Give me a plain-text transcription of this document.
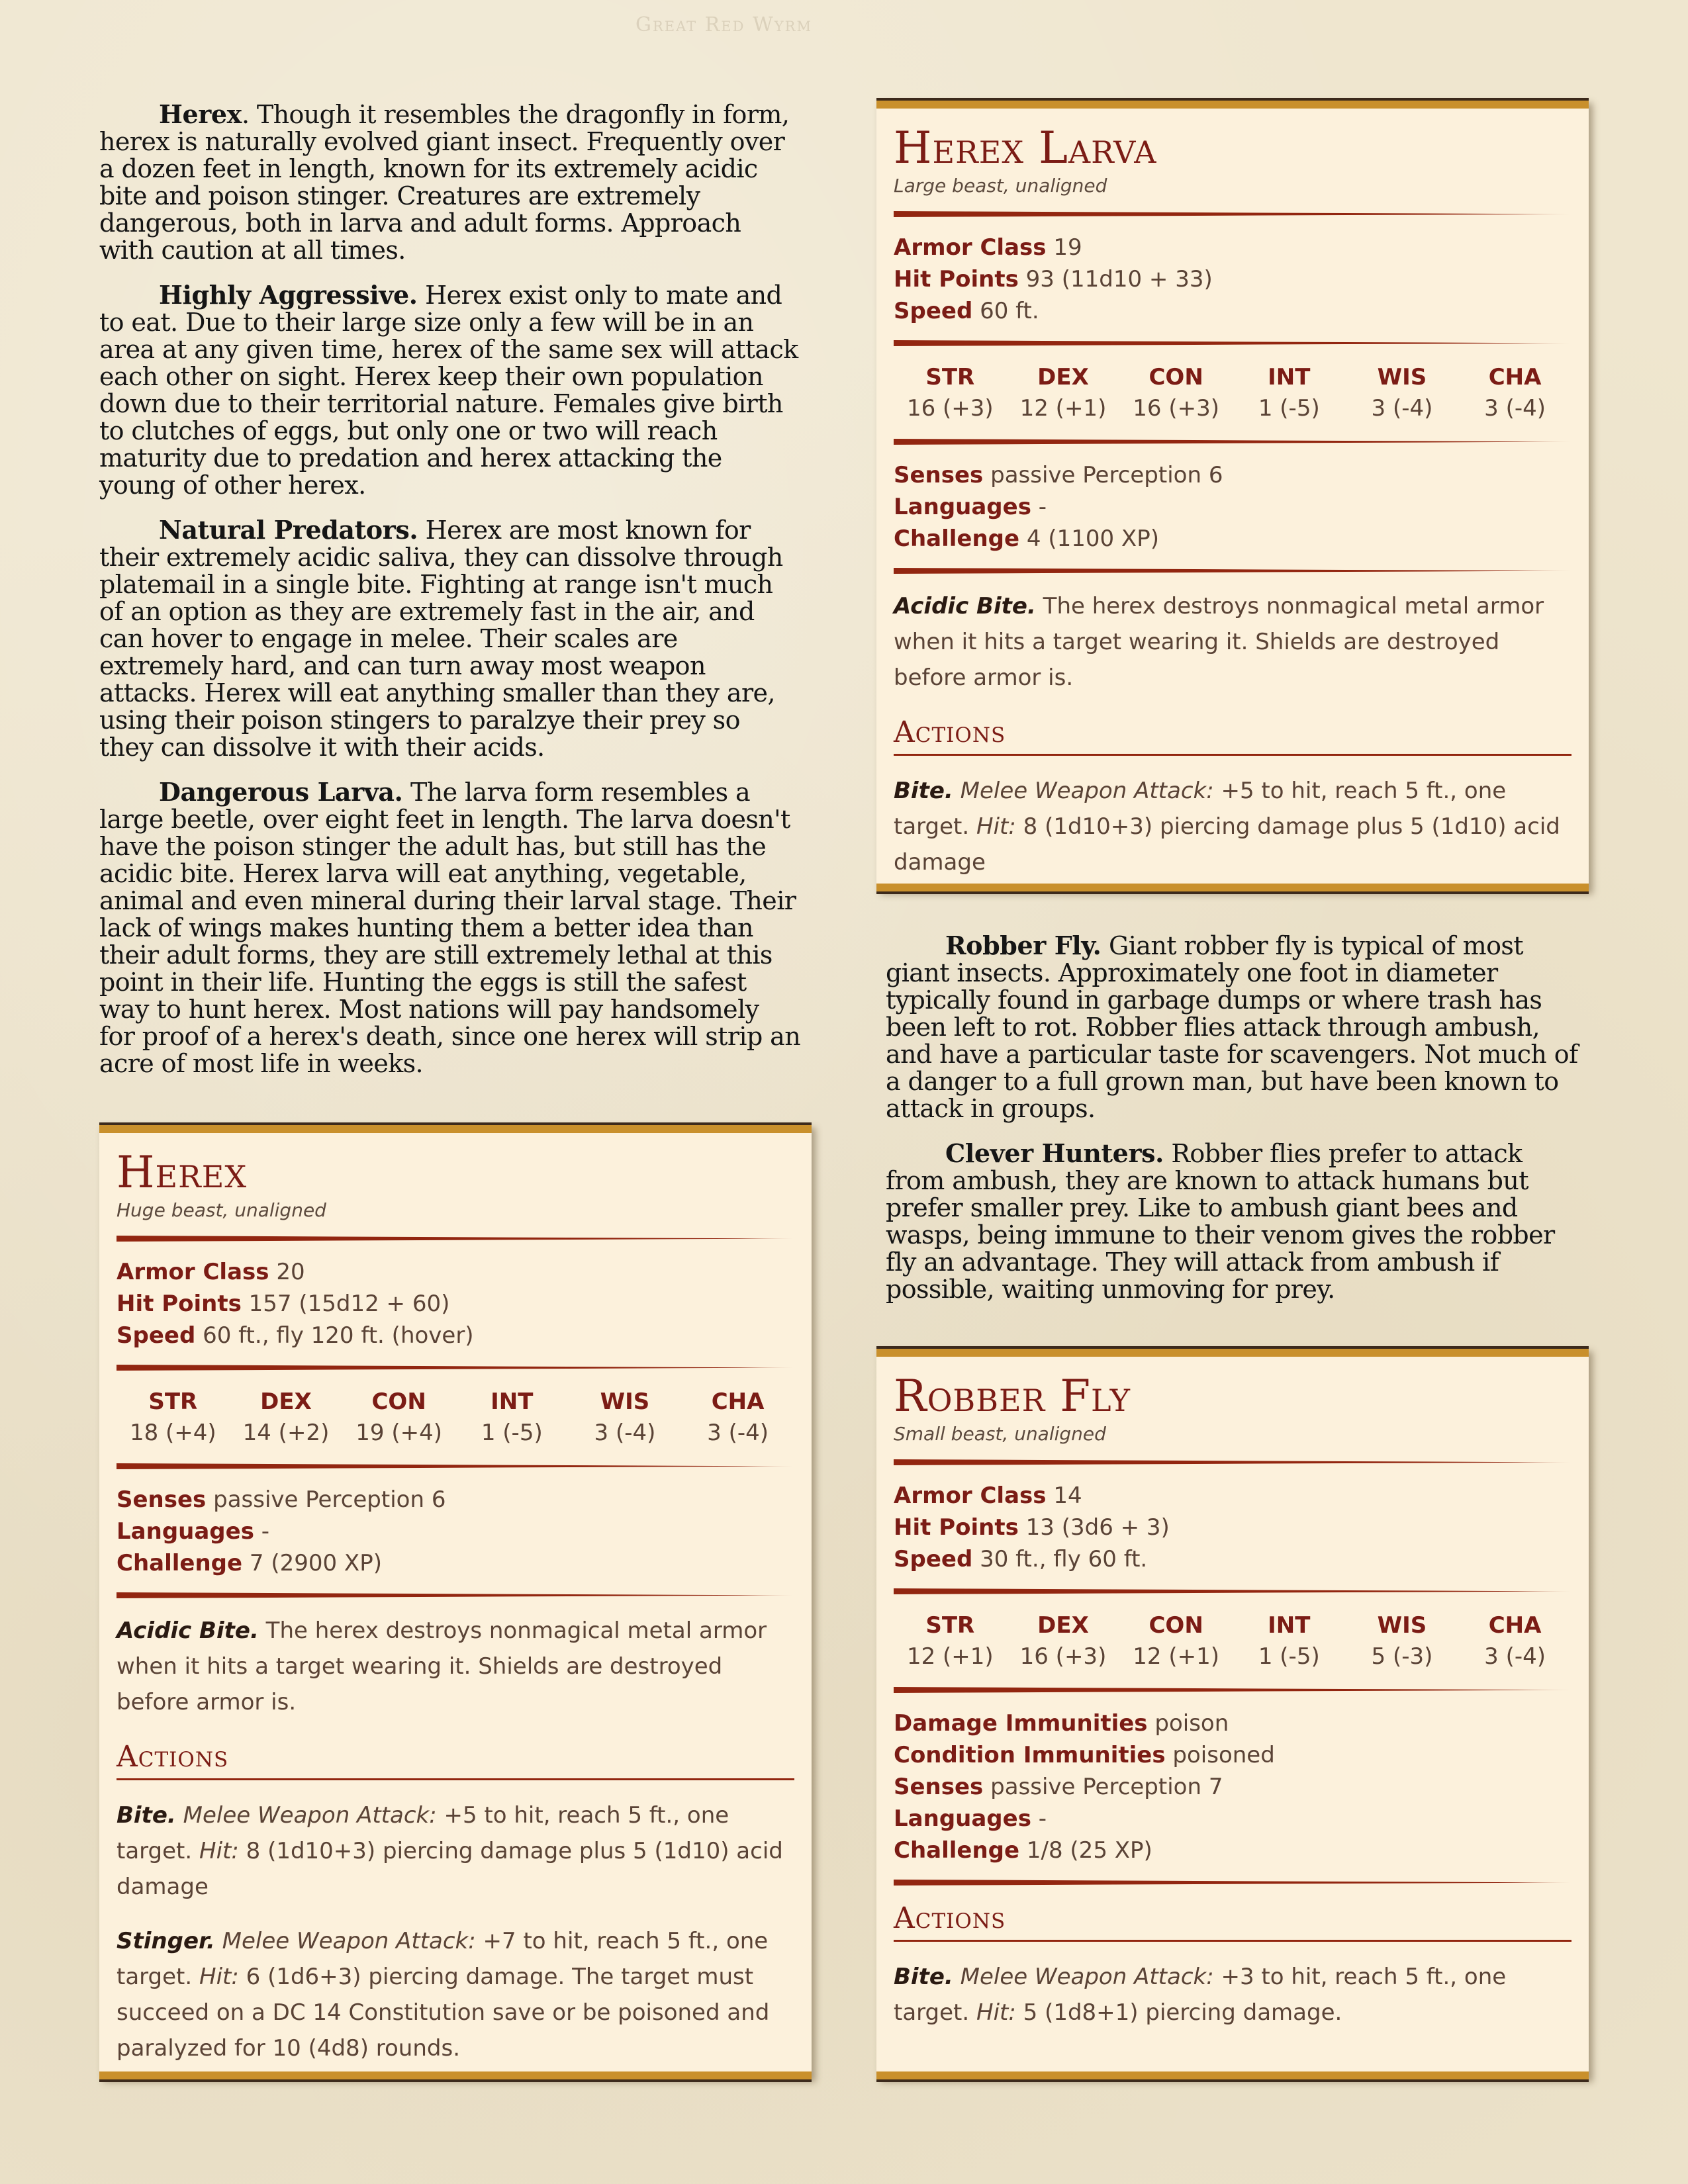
Great Red Wyrm

Herex. Though it resembles the dragonfly in form, herex is naturally evolved giant insect. Frequently over a dozen feet in length, known for its extremely acidic bite and poison stinger. Creatures are extremely dangerous, both in larva and adult forms. Approach with caution at all times.

Highly Aggressive. Herex exist only to mate and to eat. Due to their large size only a few will be in an area at any given time, herex of the same sex will attack each other on sight. Herex keep their own population down due to their territorial nature. Females give birth to clutches of eggs, but only one or two will reach maturity due to predation and herex attacking the young of other herex.

Natural Predators. Herex are most known for their extremely acidic saliva, they can dissolve through platemail in a single bite. Fighting at range isn't much of an option as they are extremely fast in the air, and can hover to engage in melee. Their scales are extremely hard, and can turn away most weapon attacks. Herex will eat anything smaller than they are, using their poison stingers to paralzye their prey so they can dissolve it with their acids.

Dangerous Larva. The larva form resembles a large beetle, over eight feet in length. The larva doesn't have the poison stinger the adult has, but still has the acidic bite. Herex larva will eat anything, vegetable, animal and even mineral during their larval stage. Their lack of wings makes hunting them a better idea than their adult forms, they are still extremely lethal at this point in their life. Hunting the eggs is still the safest way to hunt herex. Most nations will pay handsomely for proof of a herex's death, since one herex will strip an acre of most life in weeks.

Herex Larva
Large beast, unaligned
Armor Class 19
Hit Points 93 (11d10 + 33)
Speed 60 ft.
STR
16 (+3)
DEX
12 (+1)
CON
16 (+3)
INT
1 (-5)
WIS
3 (-4)
CHA
3 (-4)
Senses passive Perception 6
Languages -
Challenge 4 (1100 XP)
Acidic Bite. The herex destroys nonmagical metal armor when it hits a target wearing it. Shields are destroyed before armor is.
Actions
Bite. Melee Weapon Attack: +5 to hit, reach 5 ft., one target. Hit: 8 (1d10+3) piercing damage plus 5 (1d10) acid damage

Robber Fly. Giant robber fly is typical of most giant insects. Approximately one foot in diameter typically found in garbage dumps or where trash has been left to rot. Robber flies attack through ambush, and have a particular taste for scavengers. Not much of a danger to a full grown man, but have been known to attack in groups.

Clever Hunters. Robber flies prefer to attack from ambush, they are known to attack humans but prefer smaller prey. Like to ambush giant bees and wasps, being immune to their venom gives the robber fly an advantage. They will attack from ambush if possible, waiting unmoving for prey.

Herex
Huge beast, unaligned
Armor Class 20
Hit Points 157 (15d12 + 60)
Speed 60 ft., fly 120 ft. (hover)
STR
18 (+4)
DEX
14 (+2)
CON
19 (+4)
INT
1 (-5)
WIS
3 (-4)
CHA
3 (-4)
Senses passive Perception 6
Languages -
Challenge 7 (2900 XP)
Acidic Bite. The herex destroys nonmagical metal armor when it hits a target wearing it. Shields are destroyed before armor is.
Actions
Bite. Melee Weapon Attack: +5 to hit, reach 5 ft., one target. Hit: 8 (1d10+3) piercing damage plus 5 (1d10) acid damage
Stinger. Melee Weapon Attack: +7 to hit, reach 5 ft., one target. Hit: 6 (1d6+3) piercing damage. The target must succeed on a DC 14 Constitution save or be poisoned and paralyzed for 10 (4d8) rounds.
Robber Fly
Small beast, unaligned
Armor Class 14
Hit Points 13 (3d6 + 3)
Speed 30 ft., fly 60 ft.
STR
12 (+1)
DEX
16 (+3)
CON
12 (+1)
INT
1 (-5)
WIS
5 (-3)
CHA
3 (-4)
Damage Immunities poison
Condition Immunities poisoned
Senses passive Perception 7
Languages -
Challenge 1/8 (25 XP)
Actions
Bite. Melee Weapon Attack: +3 to hit, reach 5 ft., one target. Hit: 5 (1d8+1) piercing damage.
